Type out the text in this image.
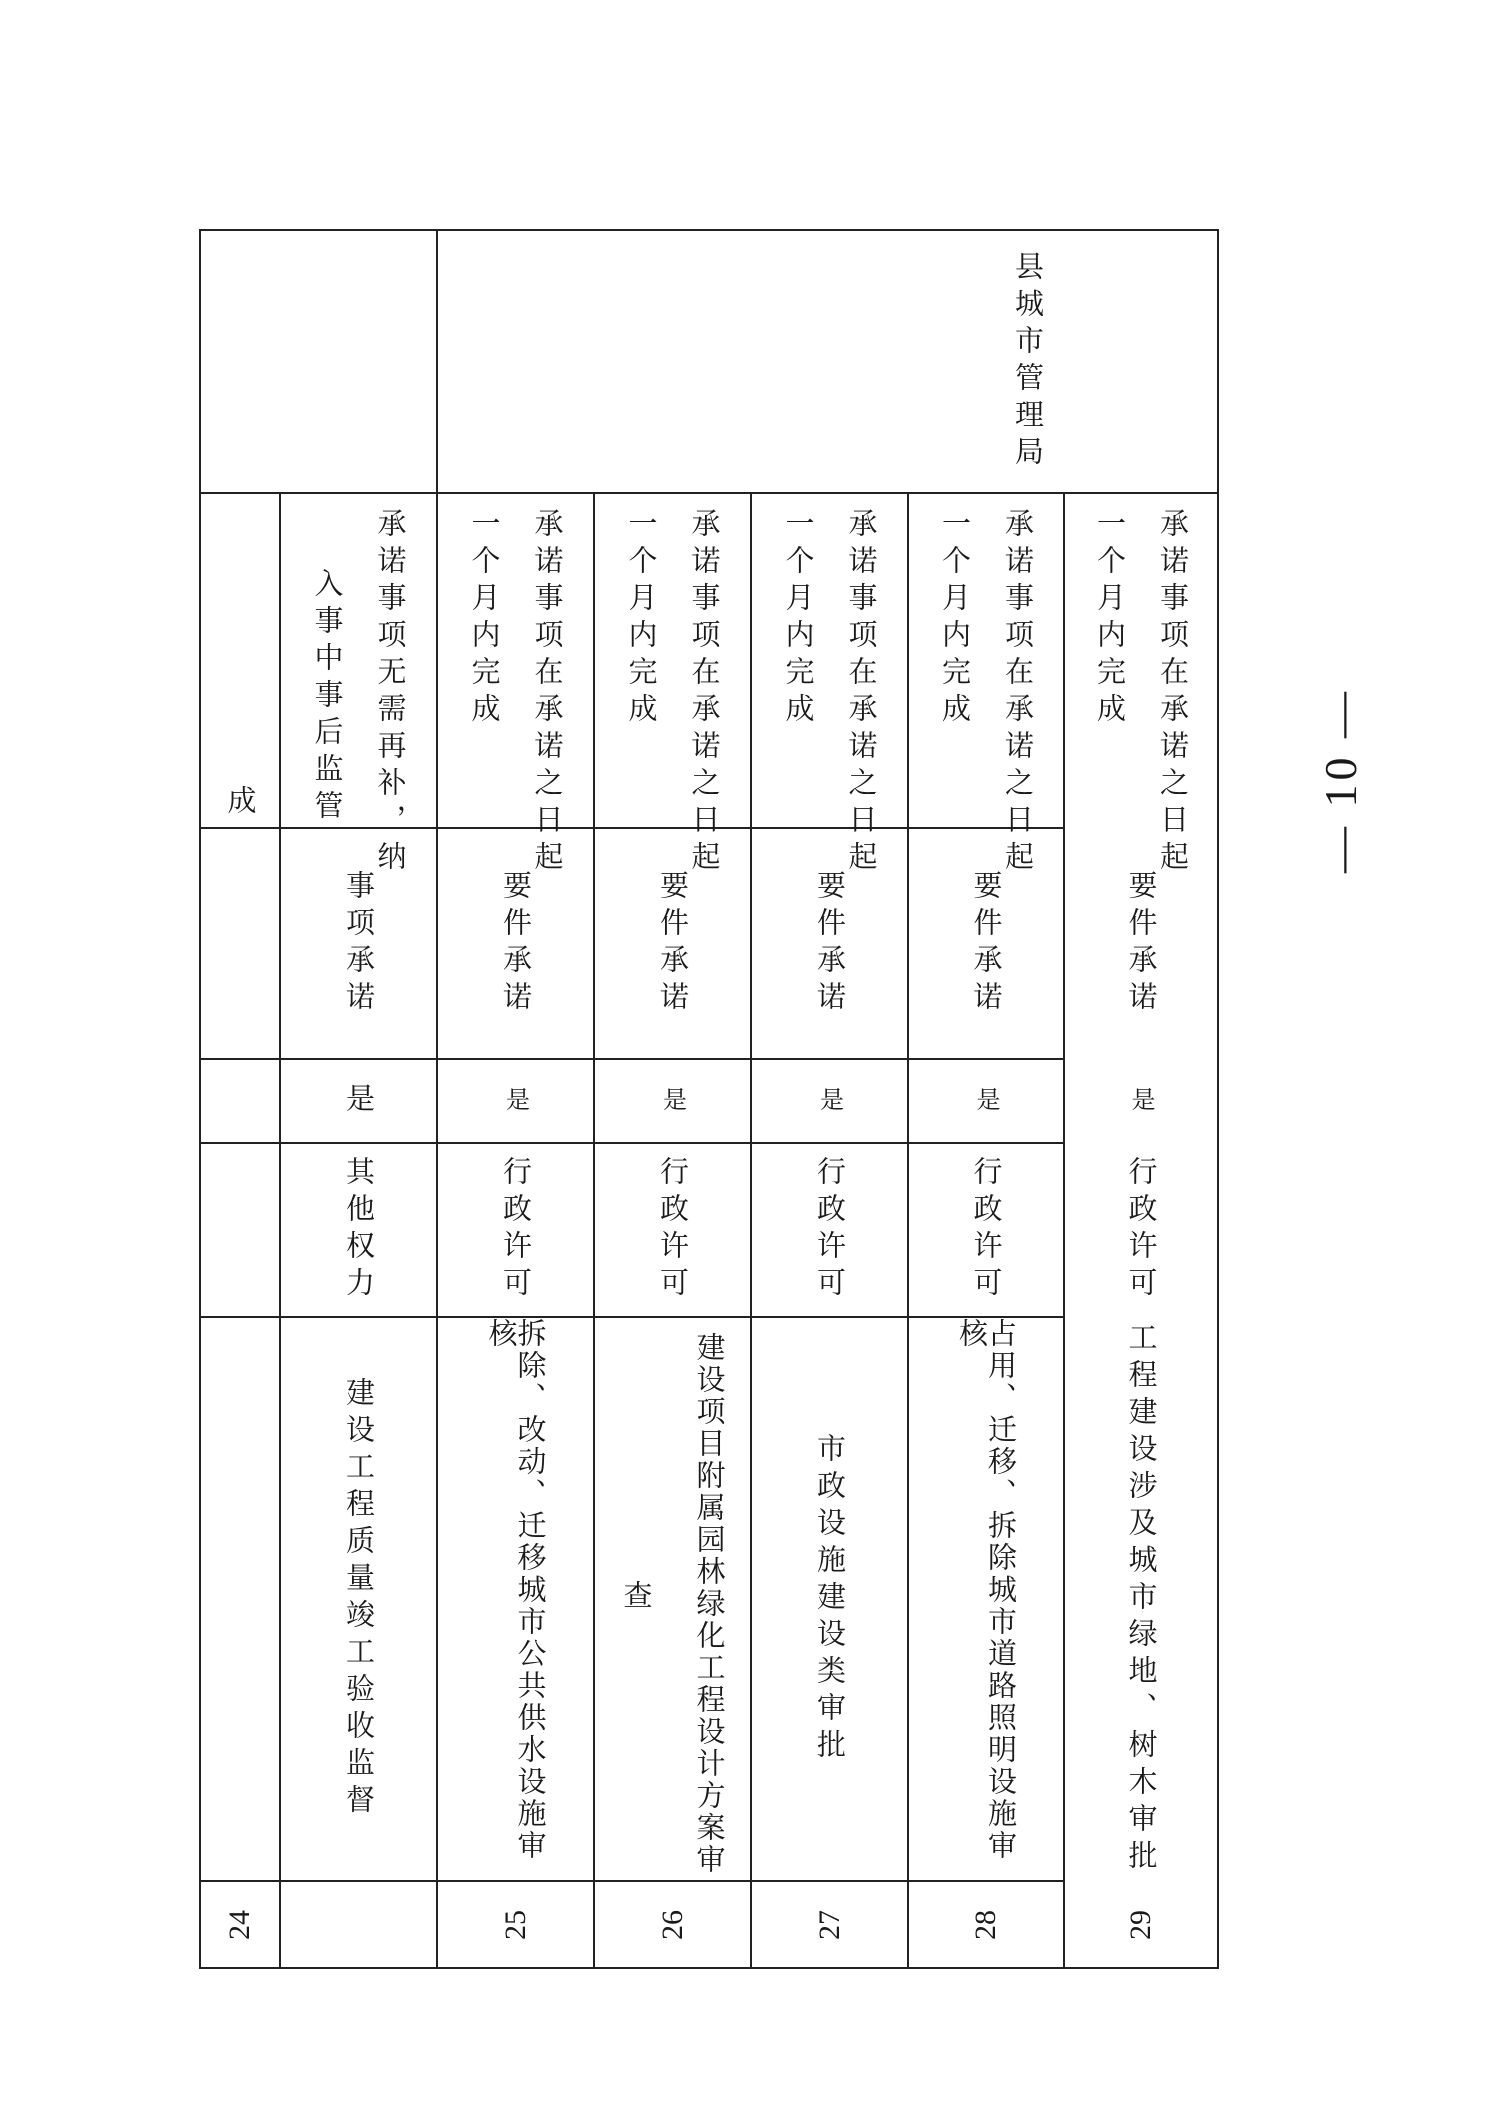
成
县城市管理局
24
建设工程质量竣工验收监督
其他权力
是
事项承诺
承诺事项无需再补，纳
入事中事后监管
25
拆除、改动、迁移城市公共供水设施审核
行政许可
是
要件承诺
承诺事项在承诺之日起
一个月内完成
26
建设项目附属园林绿化工程设计方案审
查
行政许可
是
要件承诺
承诺事项在承诺之日起
一个月内完成
27
市政设施建设类审批
行政许可
是
要件承诺
承诺事项在承诺之日起
一个月内完成
28
占用、迁移、拆除城市道路照明设施审核
行政许可
是
要件承诺
承诺事项在承诺之日起
一个月内完成
29
工程建设涉及城市绿地、树木审批
行政许可
是
要件承诺
承诺事项在承诺之日起
一个月内完成
— 10 —
